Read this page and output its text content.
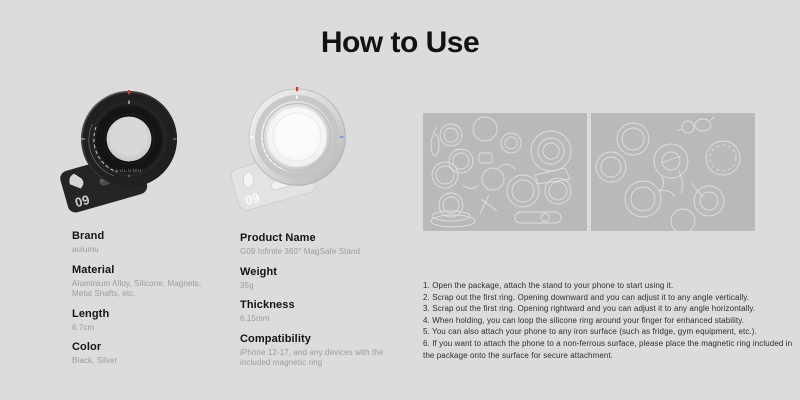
How to Use
09
AULUMU
09
Brand
aulumu
Material
Aluminium Alloy, Silicone, Magnets, Metal Shafts, etc.
Length
6.7cm
Color
Black, Silver
Product Name
G09 Infinite 360° MagSafe Stand
Weight
35g
Thickness
6.15mm
Compatibility
iPhone 12-17, and any devices with the included magnetic ring
1. Open the package, attach the stand to your phone to start using it.
2. Scrap out the first ring. Opening downward and you can adjust it to any angle vertically.
3. Scrap out the first ring. Opening rightward and you can adjust it to any angle horizontally.
4. When holding, you can loop the silicone ring around your finger for enhanced stability.
5. You can also attach your phone to any iron surface (such as fridge, gym equipment, etc.).
6. If you want to attach the phone to a non-ferrous surface, please place the magnetic ring included in the package onto the surface for secure attachment.
